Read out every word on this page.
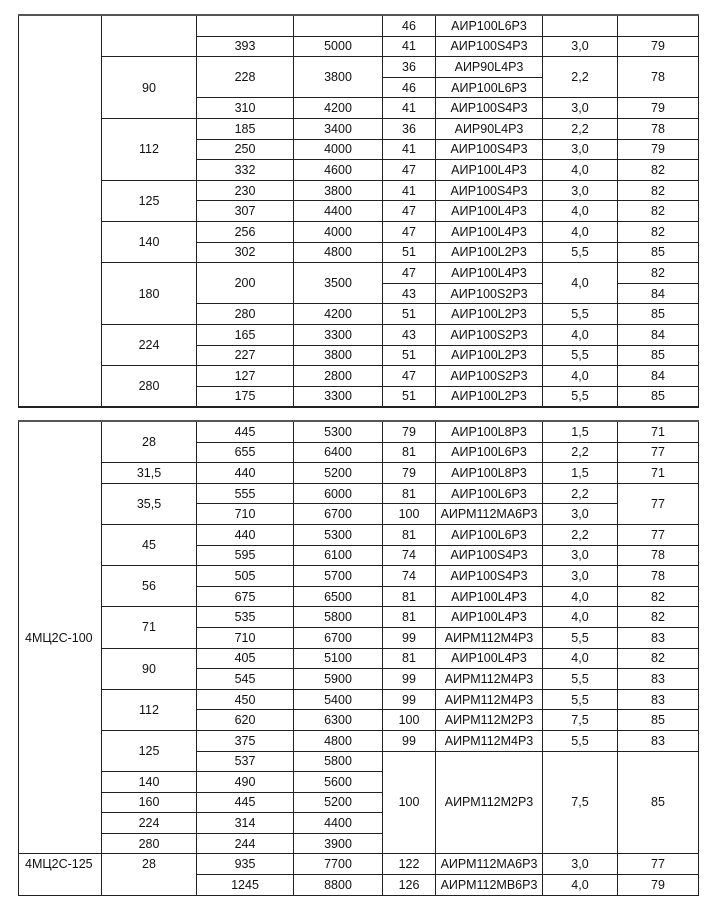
				46	АИР100L6Р3		
		393	5000	41	АИР100S4Р3	3,0	79
	90	228	3800	36	АИР90L4Р3	2,2	78
				46	АИР100L6Р3		
		310	4200	41	АИР100S4Р3	3,0	79
	112	185	3400	36	АИР90L4Р3	2,2	78
		250	4000	41	АИР100S4Р3	3,0	79
		332	4600	47	АИР100L4Р3	4,0	82
	125	230	3800	41	АИР100S4Р3	3,0	82
		307	4400	47	АИР100L4Р3	4,0	82
	140	256	4000	47	АИР100L4Р3	4,0	82
		302	4800	51	АИР100L2Р3	5,5	85
	180	200	3500	47	АИР100L4Р3	4,0	82
				43	АИР100S2Р3		84
		280	4200	51	АИР100L2Р3	5,5	85
	224	165	3300	43	АИР100S2Р3	4,0	84
		227	3800	51	АИР100L2Р3	5,5	85
	280	127	2800	47	АИР100S2Р3	4,0	84
		175	3300	51	АИР100L2Р3	5,5	85
4МЦ2С-100	28	445	5300	79	АИР100L8Р3	1,5	71
		655	6400	81	АИР100L6Р3	2,2	77
	31,5	440	5200	79	АИР100L8Р3	1,5	71
	35,5	555	6000	81	АИР100L6Р3	2,2	77
		710	6700	100	АИРМ112МА6Р3	3,0	
	45	440	5300	81	АИР100L6Р3	2,2	77
		595	6100	74	АИР100S4Р3	3,0	78
	56	505	5700	74	АИР100S4Р3	3,0	78
		675	6500	81	АИР100L4Р3	4,0	82
	71	535	5800	81	АИР100L4Р3	4,0	82
		710	6700	99	АИРМ112М4Р3	5,5	83
	90	405	5100	81	АИР100L4Р3	4,0	82
		545	5900	99	АИРМ112М4Р3	5,5	83
	112	450	5400	99	АИРМ112М4Р3	5,5	83
		620	6300	100	АИРМ112М2Р3	7,5	85
	125	375	4800	99	АИРМ112М4Р3	5,5	83
		537	5800	100	АИРМ112М2Р3	7,5	85
	140	490	5600				
	160	445	5200				
	224	314	4400				
	280	244	3900				
4МЦ2С-125	28	935	7700	122	АИРМ112МА6Р3	3,0	77
		1245	8800	126	АИРМ112МВ6Р3	4,0	79
